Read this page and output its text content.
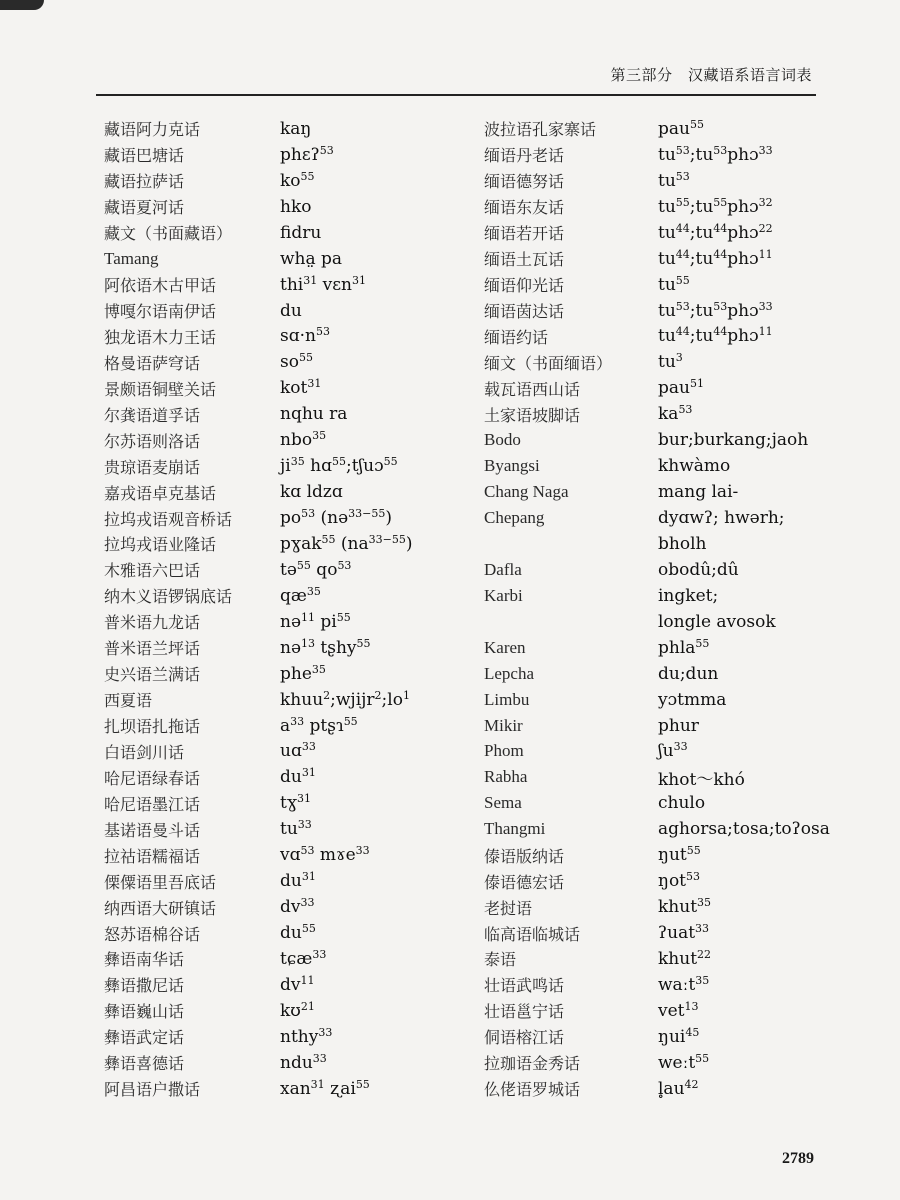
第三部分　汉藏语系语言词表
藏语阿力克话	kaŋ
藏语巴塘话	phɛʔ$^{53}$
藏语拉萨话	$ko^{55}$
藏语夏河话	hko
藏文（书面藏语）	fidru
Tamang	wha̤ pa
阿依语木古甲话	thi$^{31}$ vɛn$^{31}$
博嘎尔语南伊话	du
独龙语木力王话	$sɑ\cdot n^{53}$
格曼语萨穹话	$so^{55}$
景颇语铜壁关话	kot$^{31}$
尔龚语道孚话	nqhu ra
尔苏语则洛话	nbo$^{35}$
贵琼语麦崩话	$ji^{35}$ hɑ$^{55}$;tʃuɔ$^{55}$
嘉戎语卓克基话	kɑ ldzɑ
拉坞戎语观音桥话	$po^{53}$ (nə$^{33-55}$)
拉坞戎语业隆话	pɣak$^{55}$ $(na^{33-55})$
木雅语六巴话	tə$^{55}$ $qo^{53}$
纳木义语锣锅底话	$qæ^{35}$
普米语九龙话	nə$^{11}$ $pi^{55}$
普米语兰坪话	nə$^{13}$ tʂhy$^{55}$
史兴语兰满话	phe$^{35}$
西夏语	$khuu^2;wjijr^2;lo^1$
扎坝语扎拖话	$a^{33}$ ptʂɿ$^{55}$
白语剑川话	uɑ$^{33}$
哈尼语绿春话	$du^{31}$
哈尼语墨江话	tɣ$^{31}$
基诺语曼斗话	$tu^{33}$
拉祜语糯福话	vɑ$^{53}$ mɤe$^{33}$
傈僳语里吾底话	$du^{31}$
纳西语大研镇话	$dv^{33}$
怒苏语棉谷话	$du^{55}$
彝语南华话	tɕæ$^{33}$
彝语撒尼话	$dv^{11}$
彝语巍山话	kʊ$^{21}$
彝语武定话	nthy$^{33}$
彝语喜德话	ndu$^{33}$
阿昌语户撒话	xan$^{31}$ ʐai$^{55}$
波拉语孔家寨话	pau$^{55}$
缅语丹老话	$tu^{53};tu^{53}phɔ^{33}$
缅语德努话	$tu^{53}$
缅语东友话	$tu^{55};tu^{55}phɔ^{32}$
缅语若开话	$tu^{44};tu^{44}phɔ^{22}$
缅语土瓦话	$tu^{44};tu^{44}phɔ^{11}$
缅语仰光话	$tu^{55}$
缅语茵达话	$tu^{53};tu^{53}phɔ^{33}$
缅语约话	$tu^{44};tu^{44}phɔ^{11}$
缅文（书面缅语）	$tu^3$
载瓦语西山话	pau$^{51}$
土家语坡脚话	$ka^{53}$
Bodo	bur;burkang;jaoh
Byangsi	khwàmo
Chang Naga	mang lai-
Chepang	dyɑwʔ; hwərh;
bholh
Dafla	obodû;dû
Karbi	ingket;
longle avosok
Karen	phla$^{55}$
Lepcha	du;dun
Limbu	yɔtmma
Mikir	phur
Phom	ʃu$^{33}$
Rabha	khot～khó
Sema	chulo
Thangmi	aghorsa;tosa;toʔosa
傣语版纳话	ŋut$^{55}$
傣语德宏话	ŋot$^{53}$
老挝语	khut$^{35}$
临高语临城话	ʔuat$^{33}$
泰语	khut$^{22}$
壮语武鸣话	waːt$^{35}$
壮语邕宁话	vet$^{13}$
侗语榕江话	ŋui$^{45}$
拉珈语金秀话	weːt$^{55}$
仫佬语罗城话	$l̥au^{42}$
2789
